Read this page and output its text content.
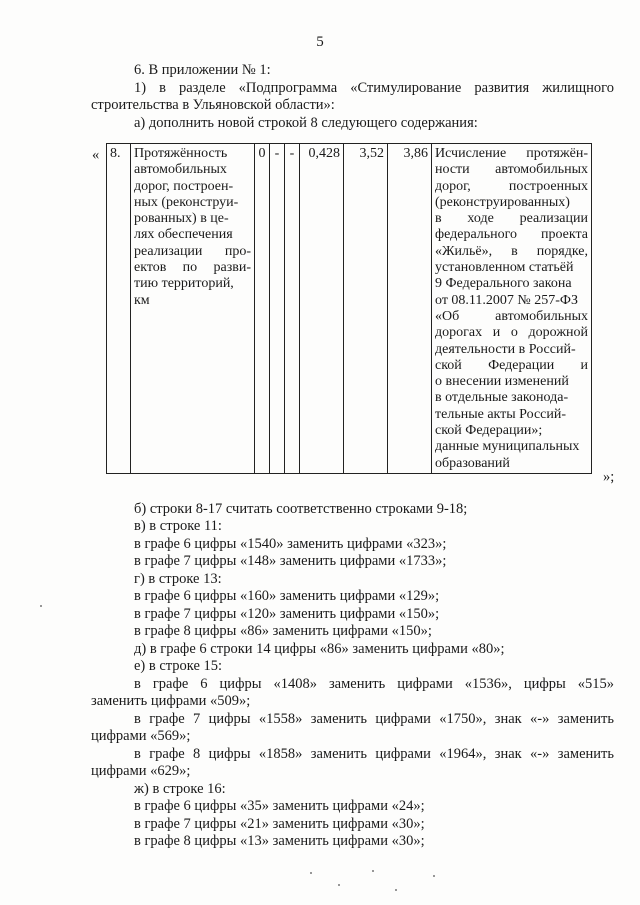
5
6. В приложении № 1:
1) в разделе «Подпрограмма «Стимулирование развития жилищного
строительства в Ульяновской области»:
а) дополнить новой строкой 8 следующего содержания:
« 8.	Протяжённость
автомобильных
дорог, построен-
ных (реконструи-
рованных) в це-
лях обеспечения
реализации про-
ектов по разви-
тию территорий,
км
	0	-	-	0,428	3,52	3,86	Исчисление протяжён-
ности автомобильных
дорог, построенных
(реконструированных)
в ходе реализации
федерального проекта
«Жильё», в порядке,
установленном статьёй
9 Федерального закона
от 08.11.2007 № 257-ФЗ
«Об автомобильных
дорогах и о дорожной
деятельности в Россий-
ской Федерации и
о внесении изменений
в отдельные законода-
тельные акты Россий-
ской Федерации»;
данные муниципальных
образований
»;
б) строки 8-17 считать соответственно строками 9-18;
в) в строке 11:
в графе 6 цифры «1540» заменить цифрами «323»;
в графе 7 цифры «148» заменить цифрами «1733»;
г) в строке 13:
в графе 6 цифры «160» заменить цифрами «129»;
в графе 7 цифры «120» заменить цифрами «150»;
в графе 8 цифры «86» заменить цифрами «150»;
д) в графе 6 строки 14 цифры «86» заменить цифрами «80»;
е) в строке 15:
в графе 6 цифры «1408» заменить цифрами «1536», цифры «515»
заменить цифрами «509»;
в графе 7 цифры «1558» заменить цифрами «1750», знак «-» заменить
цифрами «569»;
в графе 8 цифры «1858» заменить цифрами «1964», знак «-» заменить
цифрами «629»;
ж) в строке 16:
в графе 6 цифры «35» заменить цифрами «24»;
в графе 7 цифры «21» заменить цифрами «30»;
в графе 8 цифры «13» заменить цифрами «30»;
